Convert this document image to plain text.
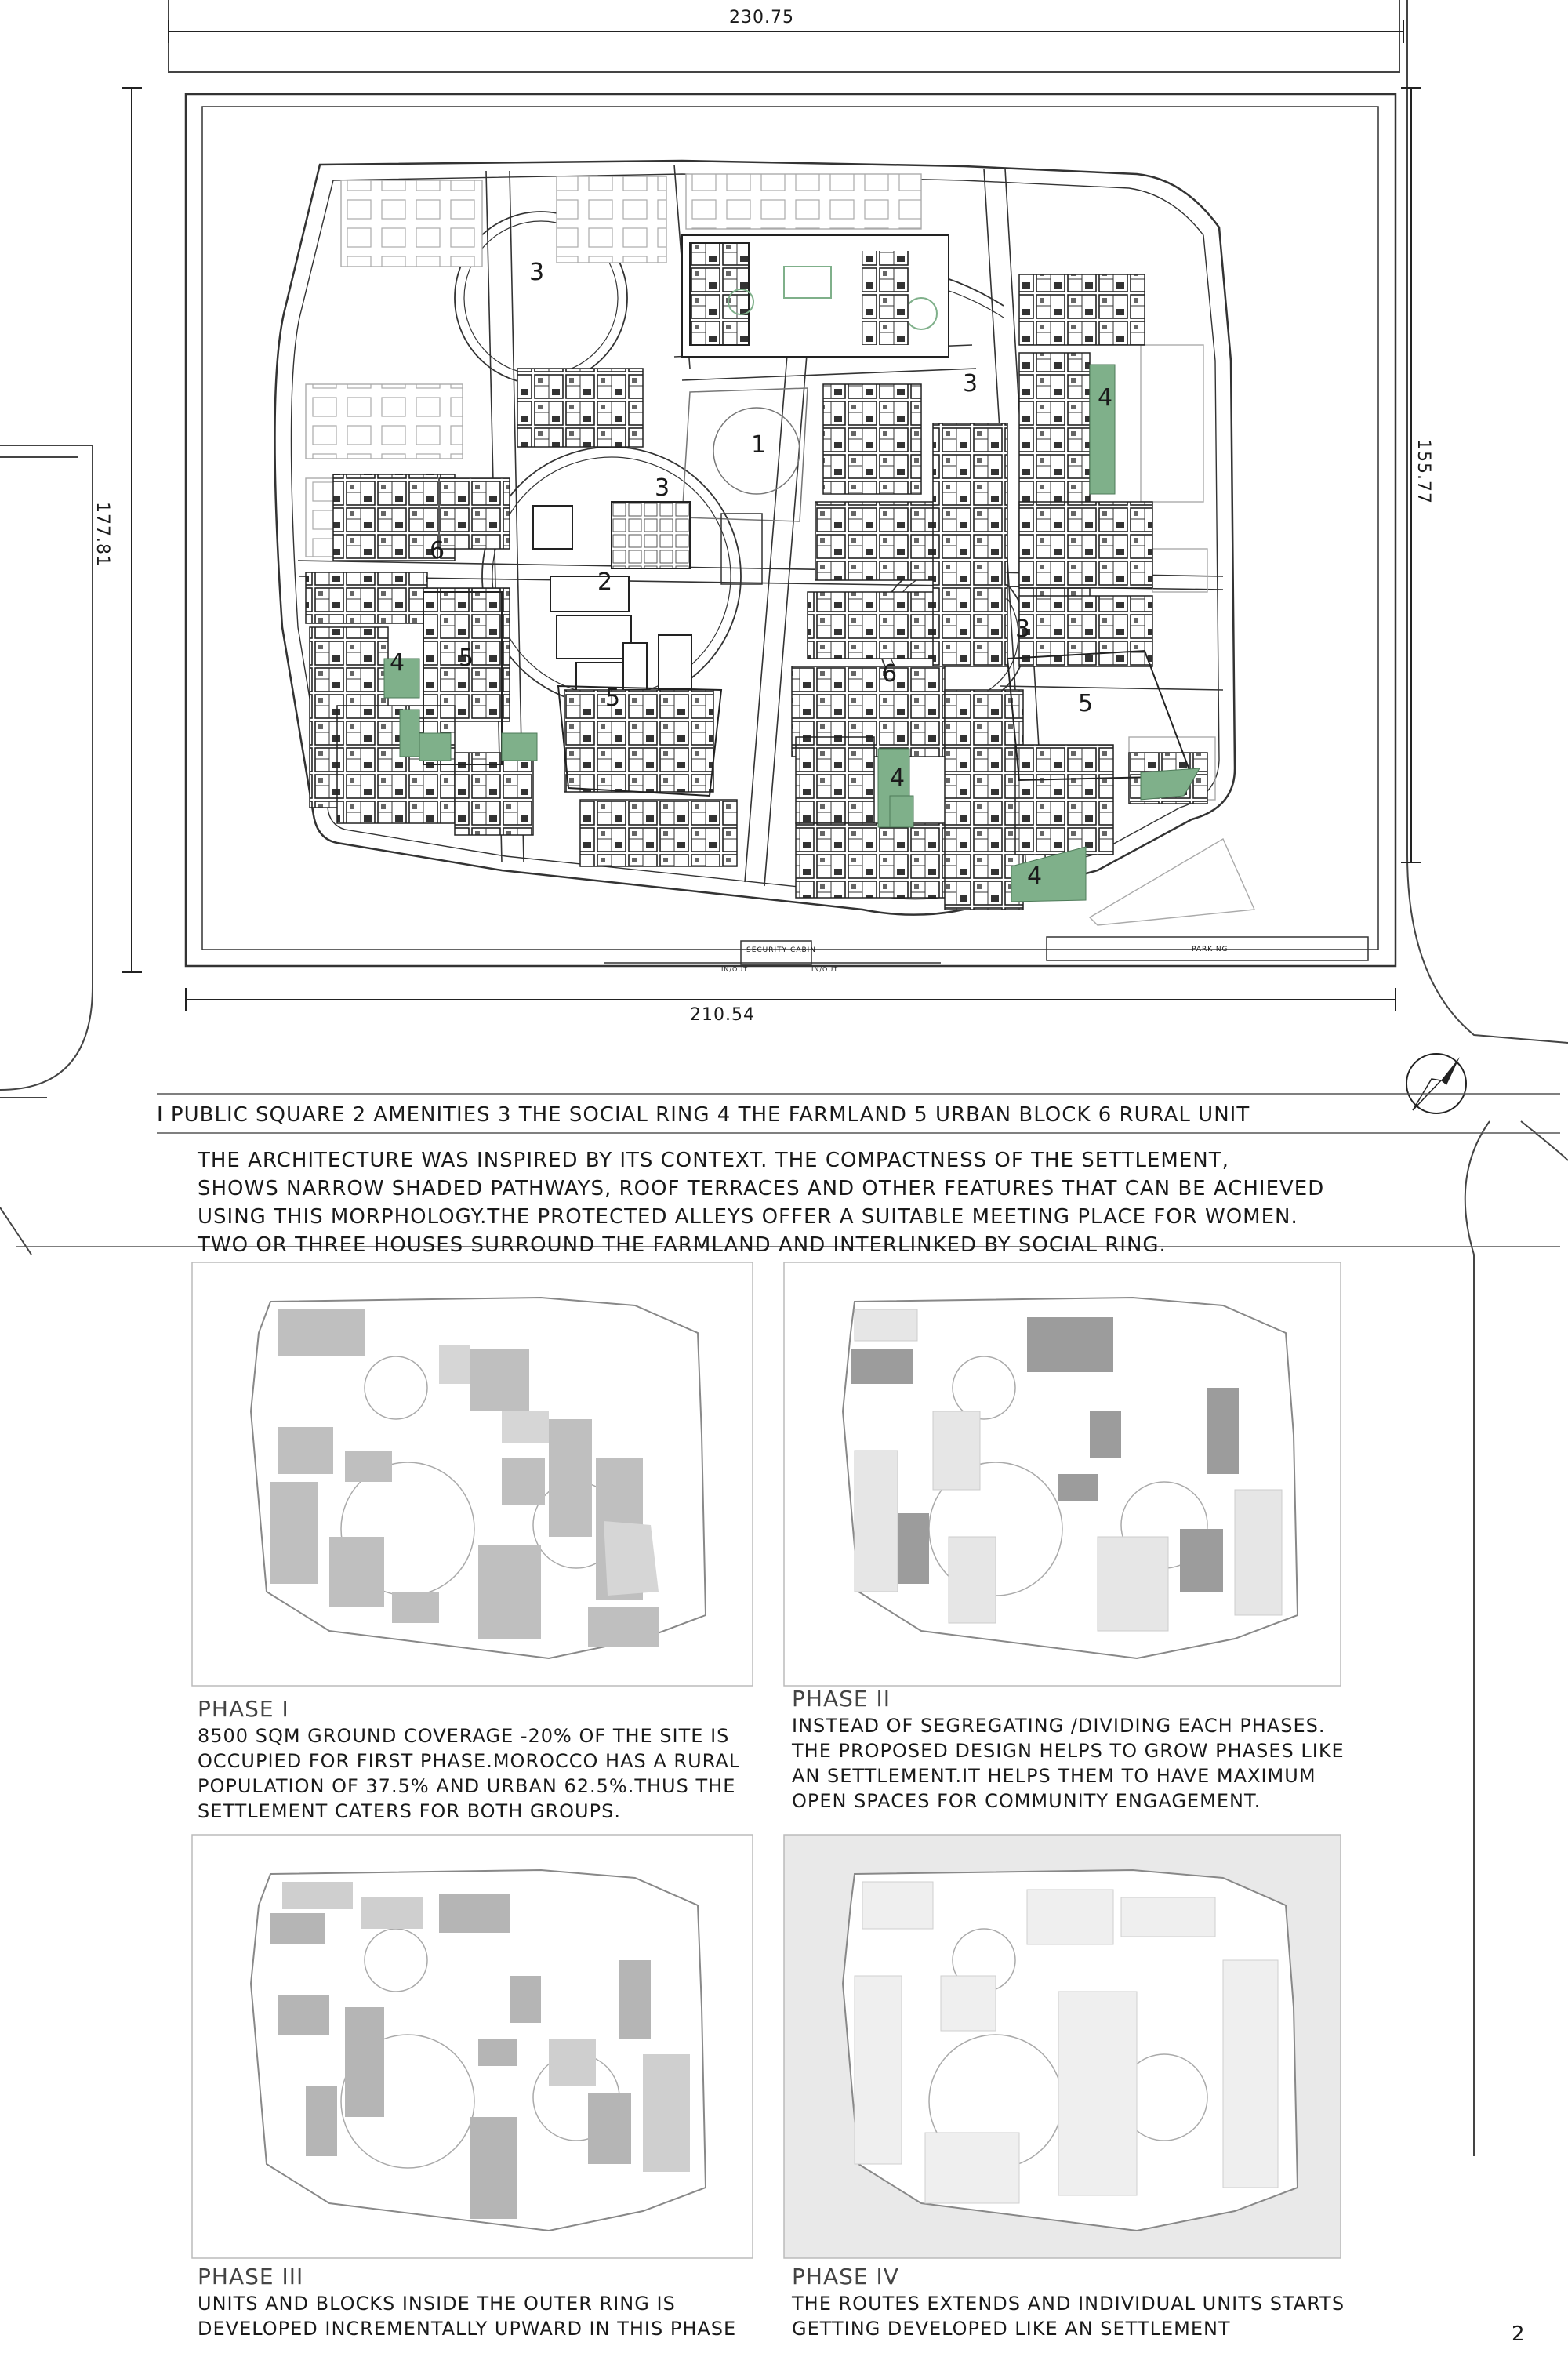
230.75
210.54
177.81
155.77
SECURITY CABIN	PARKING
IN/OUT	IN/OUT
1
2
3
3
3
3
4
4
4
4
5
5	5
6
6
I PUBLIC SQUARE 2 AMENITIES 3 THE SOCIAL RING 4 THE FARMLAND 5 URBAN BLOCK 6 RURAL UNIT
THE ARCHITECTURE WAS INSPIRED BY ITS CONTEXT. THE COMPACTNESS OF THE SETTLEMENT,
SHOWS NARROW SHADED PATHWAYS, ROOF TERRACES AND OTHER FEATURES THAT CAN BE ACHIEVED
USING THIS MORPHOLOGY.THE PROTECTED ALLEYS OFFER A SUITABLE MEETING PLACE FOR WOMEN.
TWO OR THREE HOUSES SURROUND THE FARMLAND AND INTERLINKED BY SOCIAL RING.
PHASE I
8500 SQM GROUND COVERAGE -20% OF THE SITE IS
OCCUPIED FOR FIRST PHASE.MOROCCO HAS A RURAL
POPULATION OF 37.5% AND URBAN 62.5%.THUS THE
SETTLEMENT CATERS FOR BOTH GROUPS.
PHASE II
INSTEAD OF SEGREGATING /DIVIDING EACH PHASES.
THE PROPOSED DESIGN HELPS TO GROW PHASES LIKE
AN SETTLEMENT.IT HELPS THEM TO HAVE MAXIMUM
OPEN SPACES FOR COMMUNITY ENGAGEMENT.
PHASE III
UNITS AND BLOCKS INSIDE THE OUTER RING IS
DEVELOPED INCREMENTALLY UPWARD IN THIS PHASE
PHASE IV
THE ROUTES EXTENDS AND INDIVIDUAL UNITS STARTS
GETTING DEVELOPED LIKE AN SETTLEMENT	2
